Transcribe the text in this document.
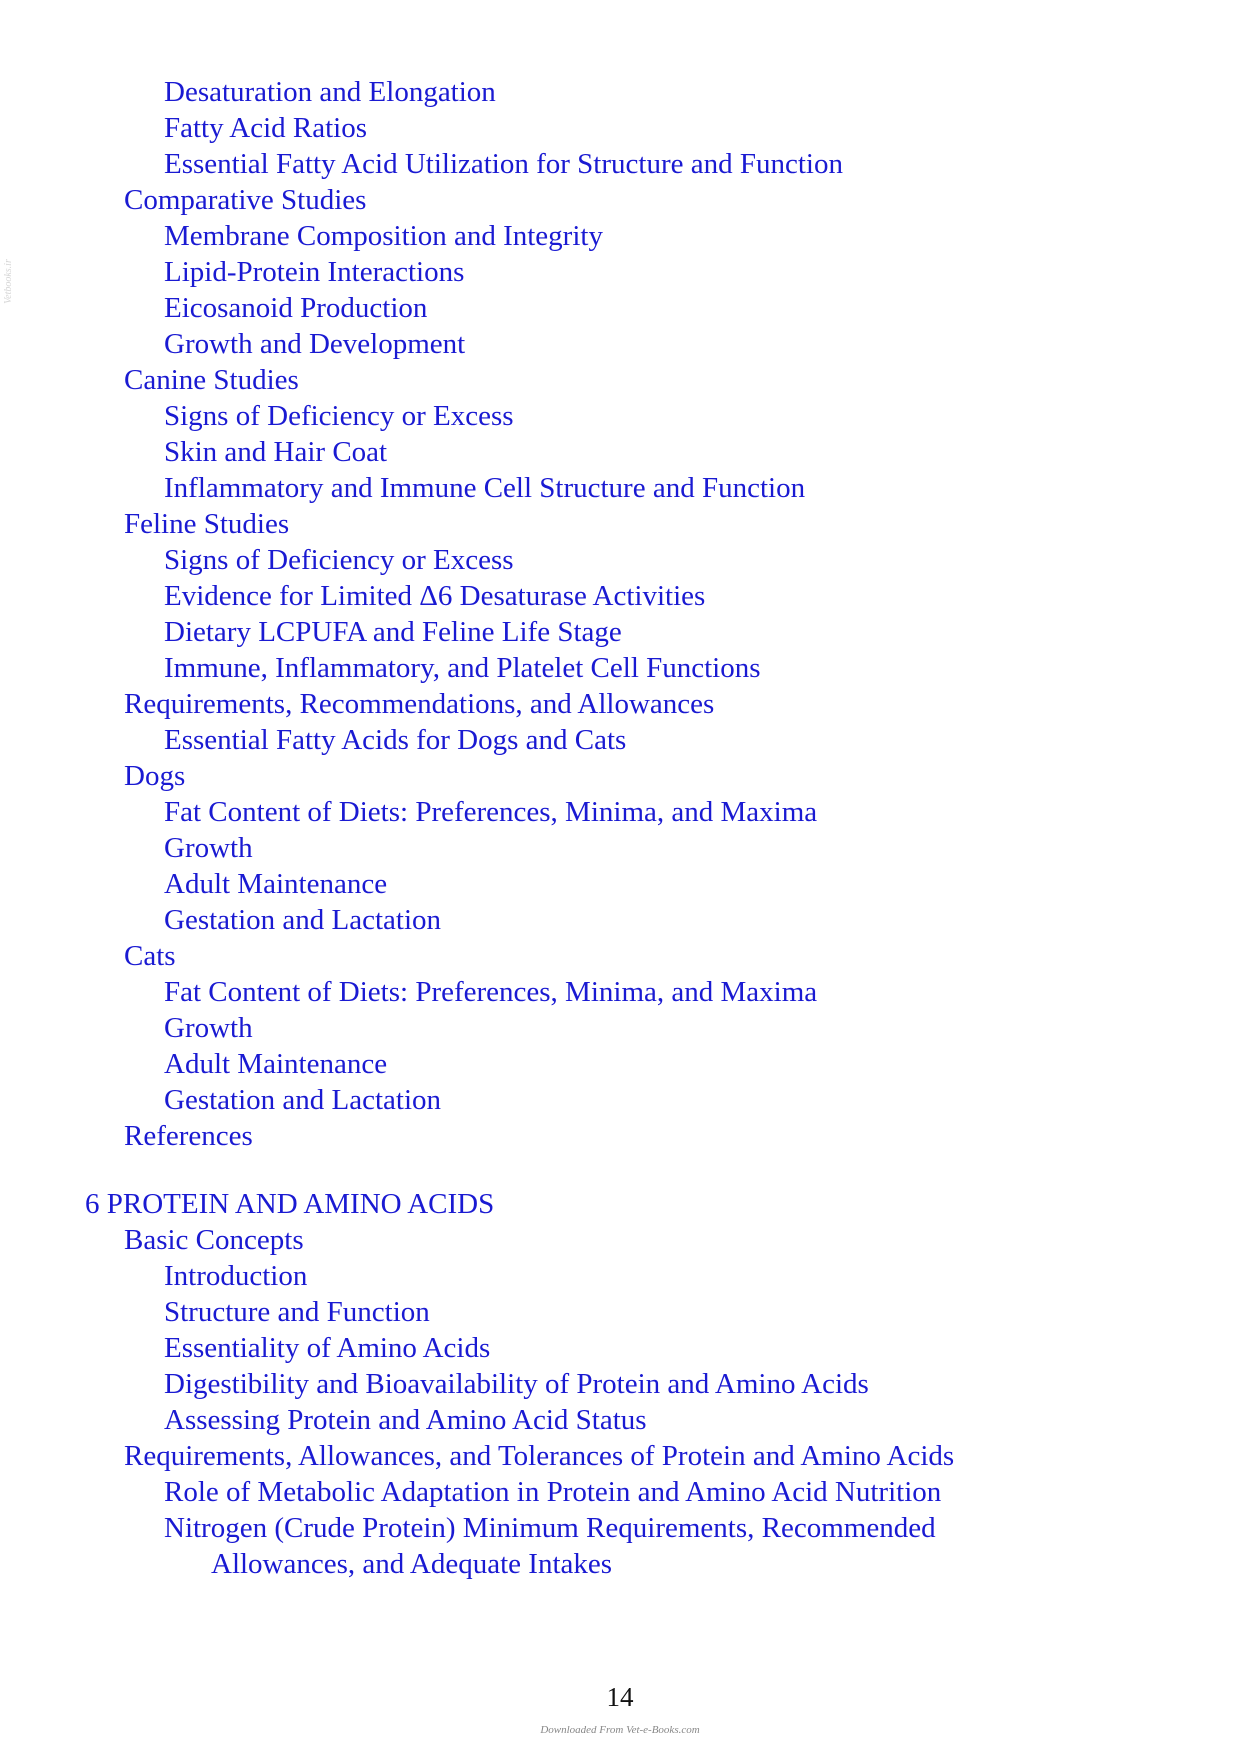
Desaturation and Elongation
Fatty Acid Ratios
Essential Fatty Acid Utilization for Structure and Function
Comparative Studies
Membrane Composition and Integrity
Lipid-Protein Interactions
Eicosanoid Production
Growth and Development
Canine Studies
Signs of Deficiency or Excess
Skin and Hair Coat
Inflammatory and Immune Cell Structure and Function
Feline Studies
Signs of Deficiency or Excess
Evidence for Limited Δ6 Desaturase Activities
Dietary LCPUFA and Feline Life Stage
Immune, Inflammatory, and Platelet Cell Functions
Requirements, Recommendations, and Allowances
Essential Fatty Acids for Dogs and Cats
Dogs
Fat Content of Diets: Preferences, Minima, and Maxima
Growth
Adult Maintenance
Gestation and Lactation
Cats
Fat Content of Diets: Preferences, Minima, and Maxima
Growth
Adult Maintenance
Gestation and Lactation
References
6 PROTEIN AND AMINO ACIDS
Basic Concepts
Introduction
Structure and Function
Essentiality of Amino Acids
Digestibility and Bioavailability of Protein and Amino Acids
Assessing Protein and Amino Acid Status
Requirements, Allowances, and Tolerances of Protein and Amino Acids
Role of Metabolic Adaptation in Protein and Amino Acid Nutrition
Nitrogen (Crude Protein) Minimum Requirements, Recommended
Allowances, and Adequate Intakes
14
Downloaded From Vet-e-Books.com
Vetbooks.ir
